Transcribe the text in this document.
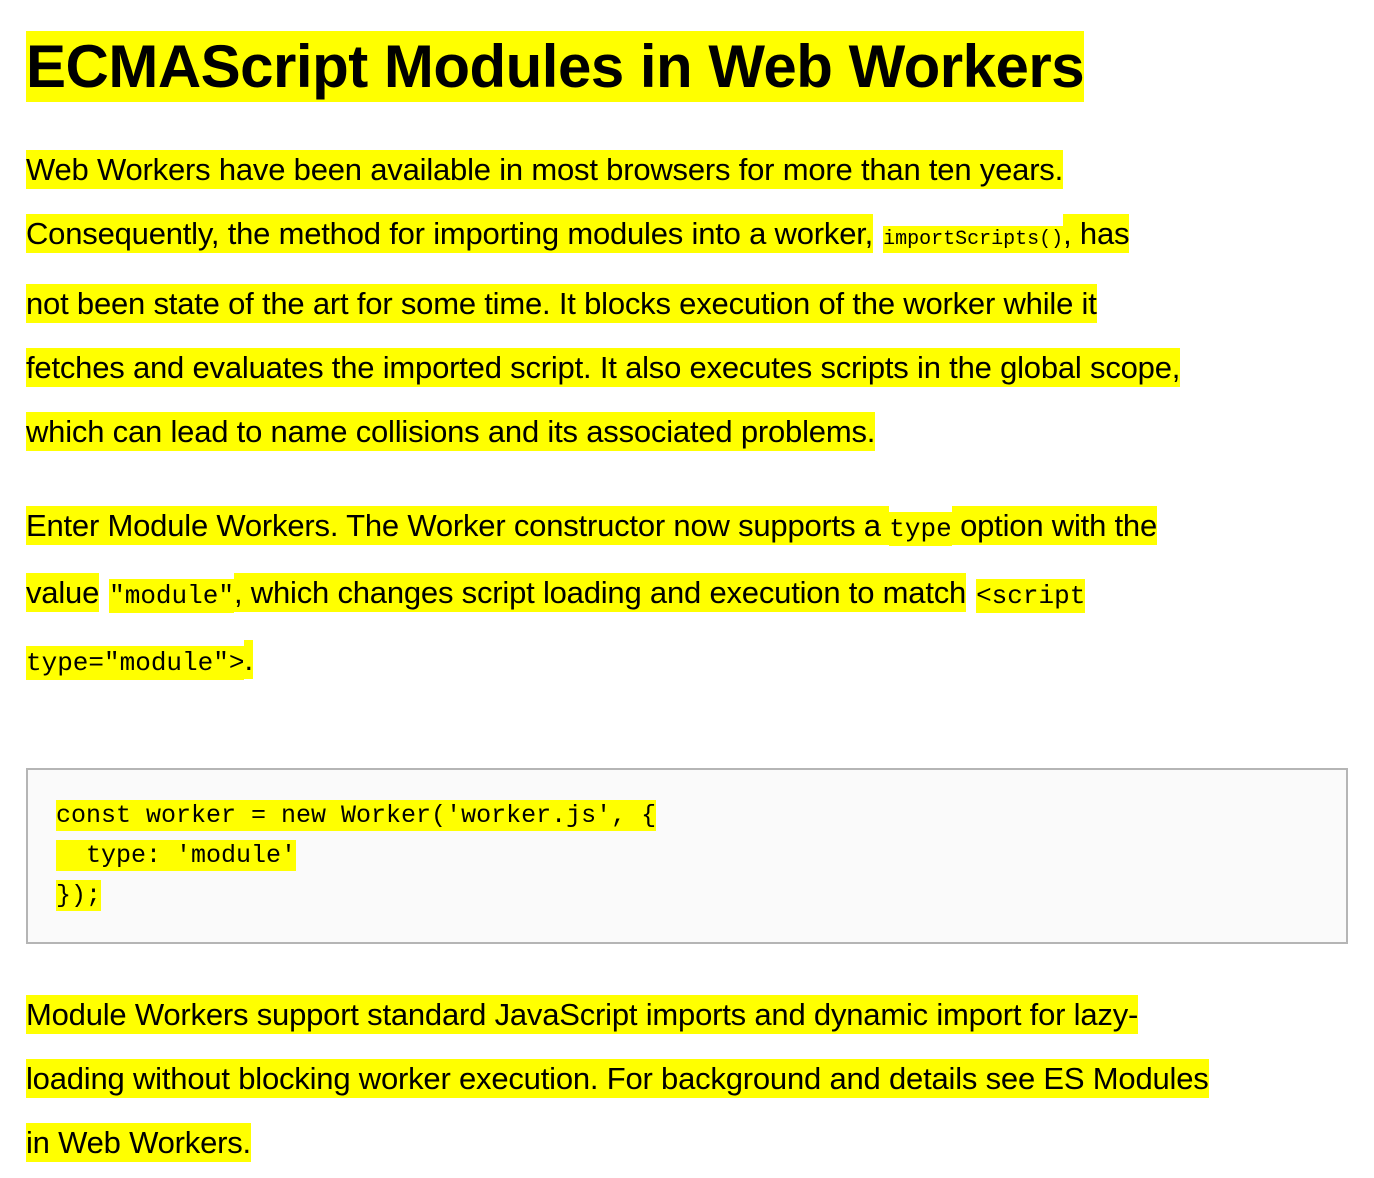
ECMAScript Modules in Web Workers

Web Workers have been available in most browsers for more than ten years.
Consequently, the method for importing modules into a worker, importScripts(), has
not been state of the art for some time. It blocks execution of the worker while it
fetches and evaluates the imported script. It also executes scripts in the global scope,
which can lead to name collisions and its associated problems.

Enter Module Workers. The Worker constructor now supports a type option with the
value "module", which changes script loading and execution to match <script
type="module">.

const worker = new Worker('worker.js', {
type: 'module'
});

Module Workers support standard JavaScript imports and dynamic import for lazy-
loading without blocking worker execution. For background and details see ES Modules
in Web Workers.
